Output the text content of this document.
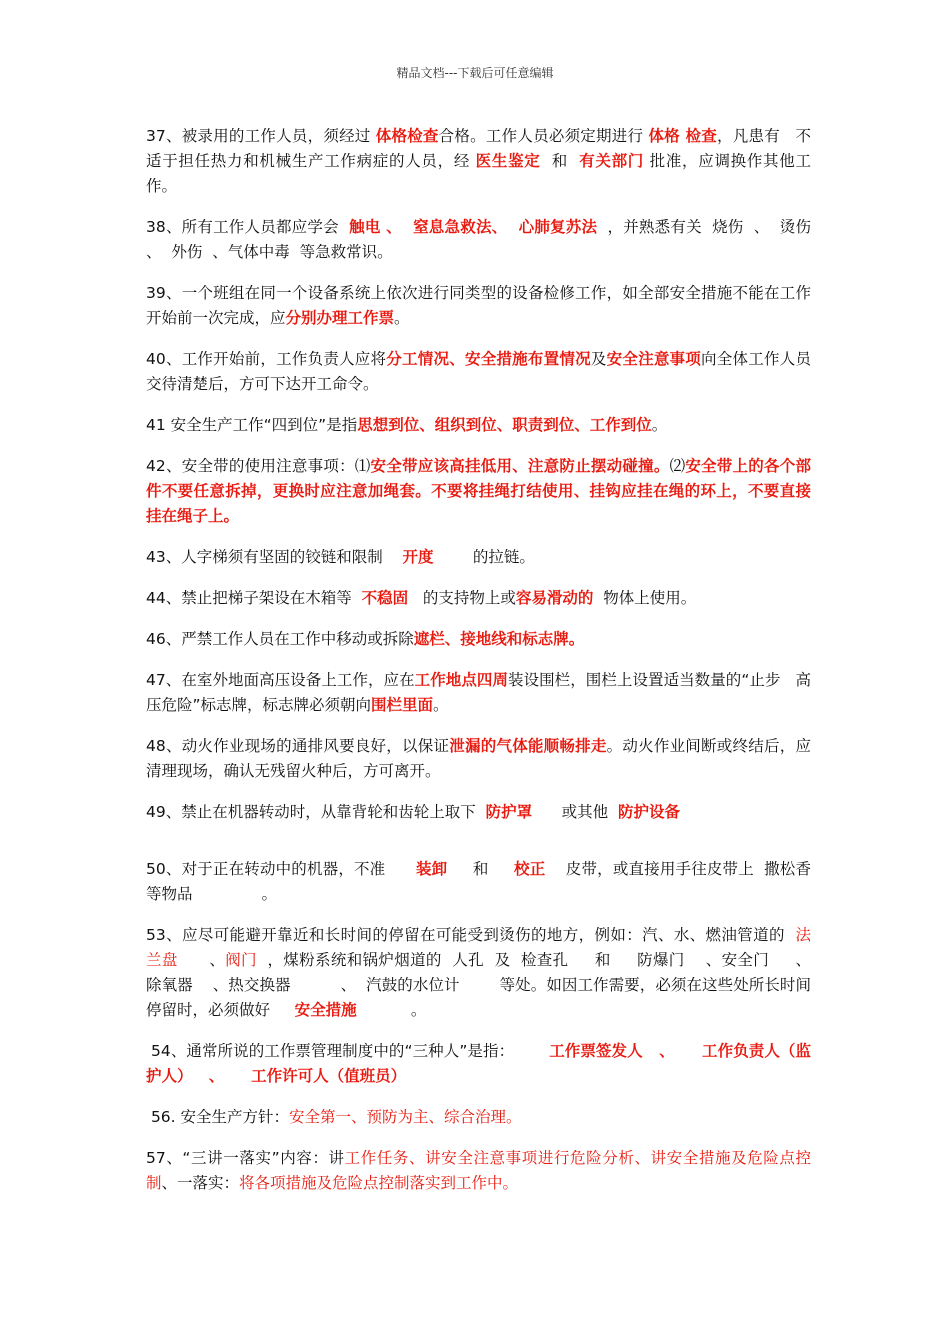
精品文档---下载后可任意编辑
37、被录用的工作人员，须经过 体格检查合格。工作人员必须定期进行 体格 检查，凡患有   不适于担任热力和机械生产工作病症的人员，经 医生鉴定  和  有关部门 批准，应调换作其他工作。
38、所有工作人员都应学会  触电 、  窒息急救法、  心肺复苏法  ，并熟悉有关  烧伤  、  烫伤  、  外伤  、气体中毒  等急救常识。
39、一个班组在同一个设备系统上依次进行同类型的设备检修工作，如全部安全措施不能在工作开始前一次完成，应分别办理工作票。
40、工作开始前，工作负责人应将分工情况、安全措施布置情况及安全注意事项向全体工作人员交待清楚后，方可下达开工命令。
41 安全生产工作“四到位”是指思想到位、组织到位、职责到位、工作到位。
42、安全带的使用注意事项：⑴安全带应该高挂低用、注意防止摆动碰撞。⑵安全带上的各个部件不要任意拆掉，更换时应注意加绳套。不要将挂绳打结使用、挂钩应挂在绳的环上，不要直接挂在绳子上。
43、人字梯须有坚固的铰链和限制    开度        的拉链。
44、禁止把梯子架设在木箱等  不稳固   的支持物上或容易滑动的  物体上使用。
46、严禁工作人员在工作中移动或拆除遮栏、接地线和标志牌。
47、在室外地面高压设备上工作，应在工作地点四周装设围栏，围栏上设置适当数量的“止步   高压危险”标志牌，标志牌必须朝向围栏里面。
48、动火作业现场的通排风要良好，以保证泄漏的气体能顺畅排走。动火作业间断或终结后，应清理现场，确认无残留火种后，方可离开。
49、禁止在机器转动时，从靠背轮和齿轮上取下  防护罩      或其他  防护设备
50、对于正在转动中的机器，不准      装卸     和     校正    皮带，或直接用手往皮带上  撒松香等物品              。
53、应尽可能避开靠近和长时间的停留在可能受到烫伤的地方，例如：汽、水、燃油管道的  法兰盘      、阀门  ，煤粉系统和锅炉烟道的  人孔  及  检查孔     和     防爆门    、安全门     、  除氧器    、热交换器          、  汽鼓的水位计        等处。如因工作需要，必须在这些处所长时间停留时，必须做好     安全措施           。
54、通常所说的工作票管理制度中的“三种人”是指：       工作票签发人   、     工作负责人（监护人）   、     工作许可人（值班员）
56. 安全生产方针：安全第一、预防为主、综合治理。
57、“三讲一落实”内容：讲工作任务、讲安全注意事项进行危险分析、讲安全措施及危险点控制、一落实：将各项措施及危险点控制落实到工作中。
